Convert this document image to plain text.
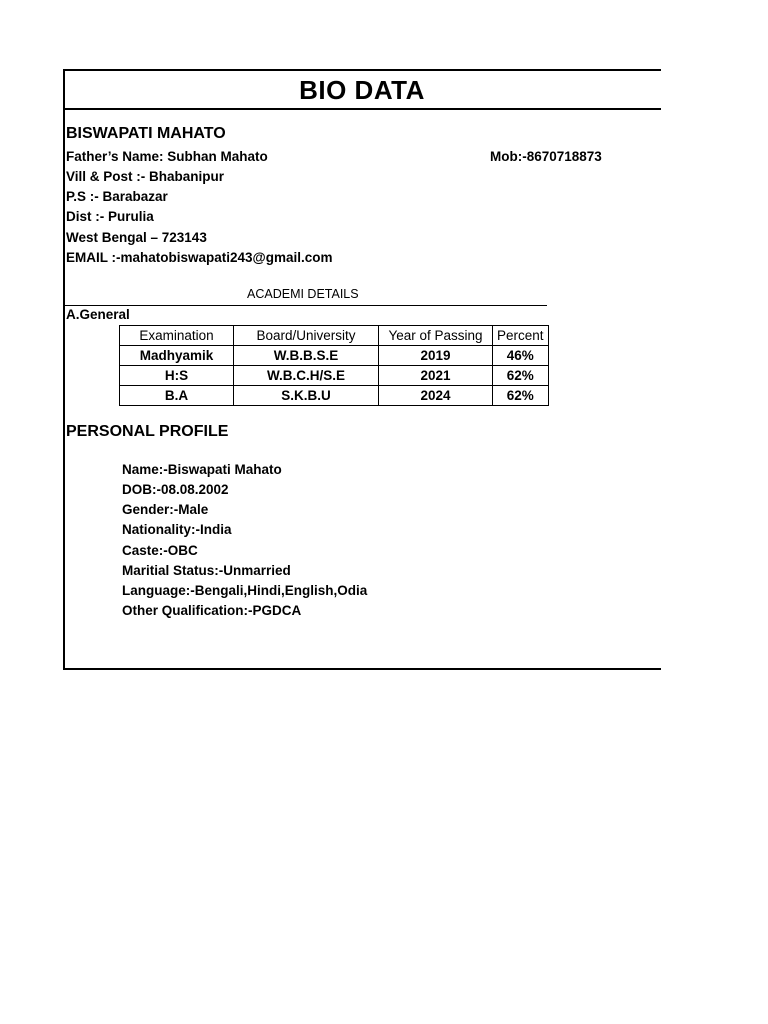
BIO DATA
BISWAPATI MAHATO
Father’s Name: Subhan Mahato	Mob:-8670718873
Vill & Post :- Bhabanipur
P.S :- Barabazar
Dist :- Purulia
West Bengal – 723143
EMAIL :-mahatobiswapati243@gmail.com
ACADEMI DETAILS
A.General
Examination	Board/University	Year of Passing	Percent
Madhyamik	W.B.B.S.E	2019	46%
H:S	W.B.C.H/S.E	2021	62%
B.A	S.K.B.U	2024	62%
PERSONAL PROFILE
Name:-Biswapati Mahato
DOB:-08.08.2002
Gender:-Male
Nationality:-India
Caste:-OBC
Maritial Status:-Unmarried
Language:-Bengali,Hindi,English,Odia
Other Qualification:-PGDCA
